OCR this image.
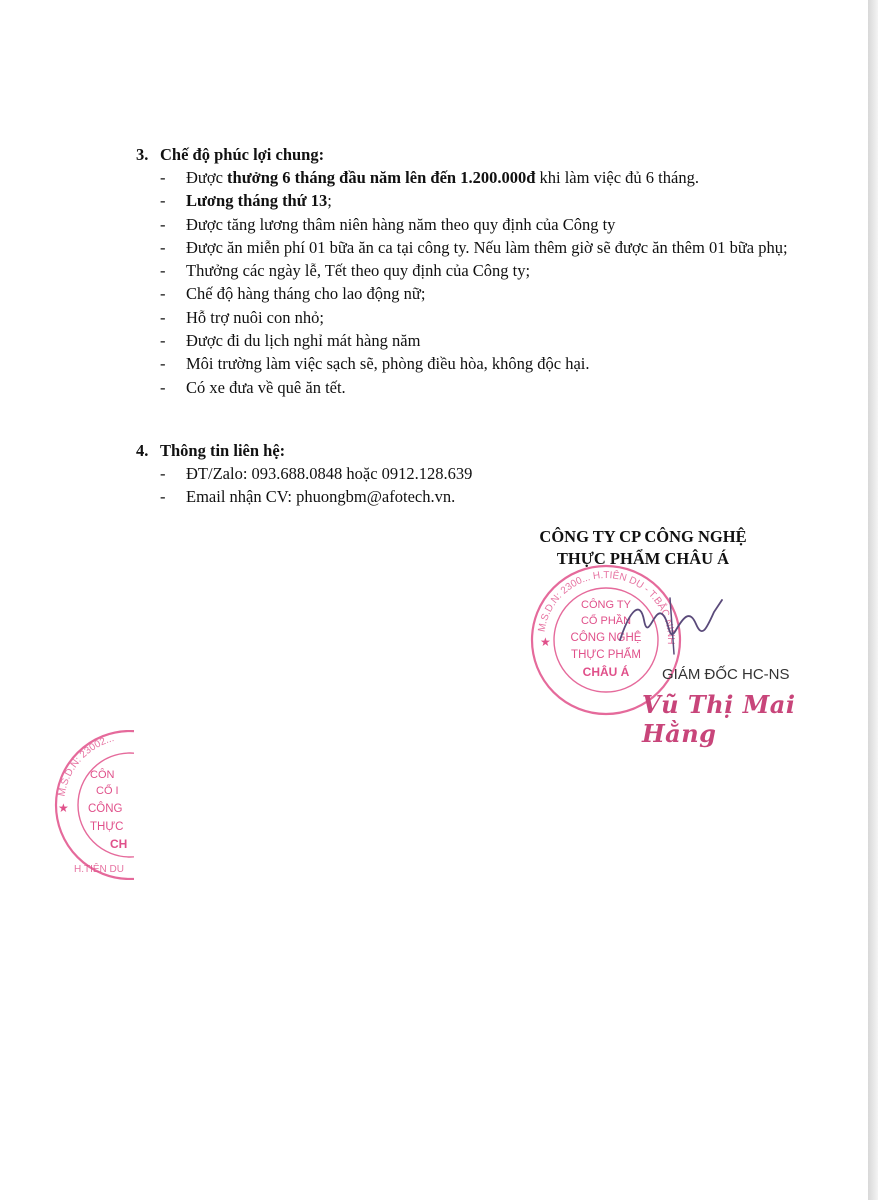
3. Chế độ phúc lợi chung:

- Được thưởng 6 tháng đầu năm lên đến 1.200.000đ khi làm việc đủ 6 tháng.
- Lương tháng thứ 13;
- Được tăng lương thâm niên hàng năm theo quy định của Công ty
- Được ăn miễn phí 01 bữa ăn ca tại công ty. Nếu làm thêm giờ sẽ được ăn thêm 01 bữa phụ;
- Thưởng các ngày lễ, Tết theo quy định của Công ty;
- Chế độ hàng tháng cho lao động nữ;
- Hỗ trợ nuôi con nhỏ;
- Được đi du lịch nghỉ mát hàng năm
- Môi trường làm việc sạch sẽ, phòng điều hòa, không độc hại.
- Có xe đưa về quê ăn tết.

4. Thông tin liên hệ:

- ĐT/Zalo: 093.688.0848 hoặc 0912.128.639
- Email nhận CV: phuongbm@afotech.vn.
CÔNG TY CP CÔNG NGHỆ
THỰC PHẨM CHÂU Á
M.S.D.N: 2300... H.TIÊN DU - T.BẮC NINH
★
CÔNG TY
CỔ PHẦN
CÔNG NGHỆ
THỰC PHẨM
CHÂU Á GIÁM ĐỐC HC-NS
Vũ Thị Mai Hằng
M.S.D.N: 23002...
H.TIÊN DU
★
CÔN
CỔ I
CÔNG
THỰC
CH
